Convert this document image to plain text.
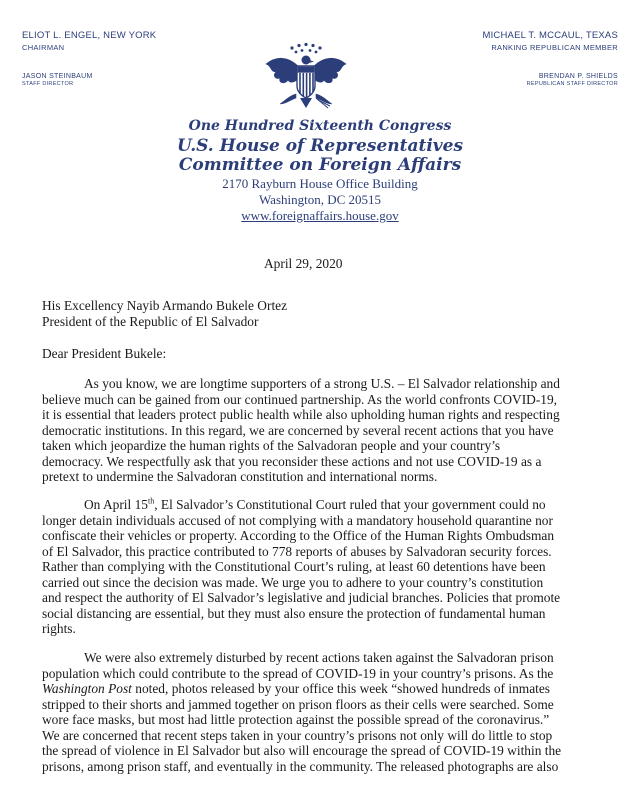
ELIOT L. ENGEL, NEW YORK
CHAIRMAN
JASON STEINBAUM
STAFF DIRECTOR
MICHAEL T. MCCAUL, TEXAS
RANKING REPUBLICAN MEMBER
BRENDAN P. SHIELDS
REPUBLICAN STAFF DIRECTOR
One Hundred Sixteenth Congress
U.S. House of Representatives
Committee on Foreign Affairs
2170 Rayburn House Office Building
Washington, DC 20515
www.foreignaffairs.house.gov
April 29, 2020
His Excellency Nayib Armando Bukele Ortez
President of the Republic of El Salvador
Dear President Bukele:
As you know, we are longtime supporters of a strong U.S. – El Salvador relationship and
believe much can be gained from our continued partnership. As the world confronts COVID-19,
it is essential that leaders protect public health while also upholding human rights and respecting
democratic institutions. In this regard, we are concerned by several recent actions that you have
taken which jeopardize the human rights of the Salvadoran people and your country’s
democracy. We respectfully ask that you reconsider these actions and not use COVID-19 as a
pretext to undermine the Salvadoran constitution and international norms.
On April 15th, El Salvador’s Constitutional Court ruled that your government could no
longer detain individuals accused of not complying with a mandatory household quarantine nor
confiscate their vehicles or property. According to the Office of the Human Rights Ombudsman
of El Salvador, this practice contributed to 778 reports of abuses by Salvadoran security forces.
Rather than complying with the Constitutional Court’s ruling, at least 60 detentions have been
carried out since the decision was made. We urge you to adhere to your country’s constitution
and respect the authority of El Salvador’s legislative and judicial branches. Policies that promote
social distancing are essential, but they must also ensure the protection of fundamental human
rights.
We were also extremely disturbed by recent actions taken against the Salvadoran prison
population which could contribute to the spread of COVID-19 in your country’s prisons. As the
Washington Post noted, photos released by your office this week “showed hundreds of inmates
stripped to their shorts and jammed together on prison floors as their cells were searched. Some
wore face masks, but most had little protection against the possible spread of the coronavirus.”
We are concerned that recent steps taken in your country’s prisons not only will do little to stop
the spread of violence in El Salvador but also will encourage the spread of COVID-19 within the
prisons, among prison staff, and eventually in the community. The released photographs are also
